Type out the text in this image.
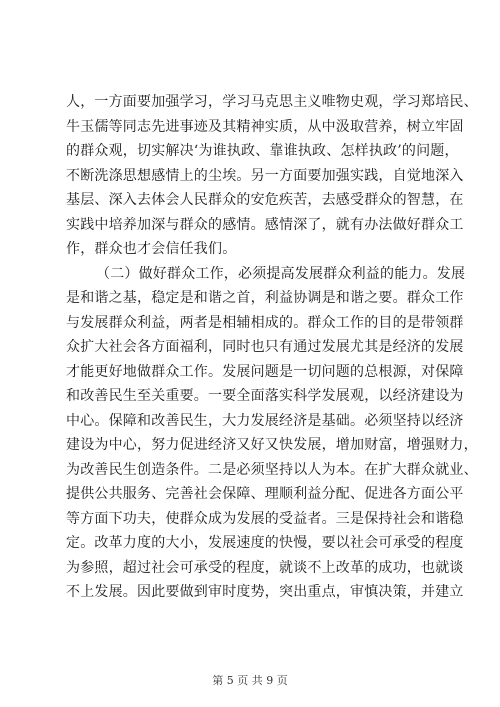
人，一方面要加强学习，学习马克思主义唯物史观，学习郑培民、
牛玉儒等同志先进事迹及其精神实质，从中汲取营养，树立牢固
的群众观，切实解决‘为谁执政、靠谁执政、怎样执政’的问题，
不断洗涤思想感情上的尘埃。另一方面要加强实践，自觉地深入
基层、深入去体会人民群众的安危疾苦，去感受群众的智慧，在
实践中培养加深与群众的感情。感情深了，就有办法做好群众工
作，群众也才会信任我们。
（二）做好群众工作，必须提高发展群众利益的能力。发展
是和谐之基，稳定是和谐之首，利益协调是和谐之要。群众工作
与发展群众利益，两者是相辅相成的。群众工作的目的是带领群
众扩大社会各方面福利，同时也只有通过发展尤其是经济的发展
才能更好地做群众工作。发展问题是一切问题的总根源，对保障
和改善民生至关重要。一要全面落实科学发展观，以经济建设为
中心。保障和改善民生，大力发展经济是基础。必须坚持以经济
建设为中心，努力促进经济又好又快发展，增加财富，增强财力，
为改善民生创造条件。二是必须坚持以人为本。在扩大群众就业、
提供公共服务、完善社会保障、理顺利益分配、促进各方面公平
等方面下功夫，使群众成为发展的受益者。三是保持社会和谐稳
定。改革力度的大小，发展速度的快慢，要以社会可承受的程度
为参照，超过社会可承受的程度，就谈不上改革的成功，也就谈
不上发展。因此要做到审时度势，突出重点，审慎决策，并建立
第 5 页 共 9 页
